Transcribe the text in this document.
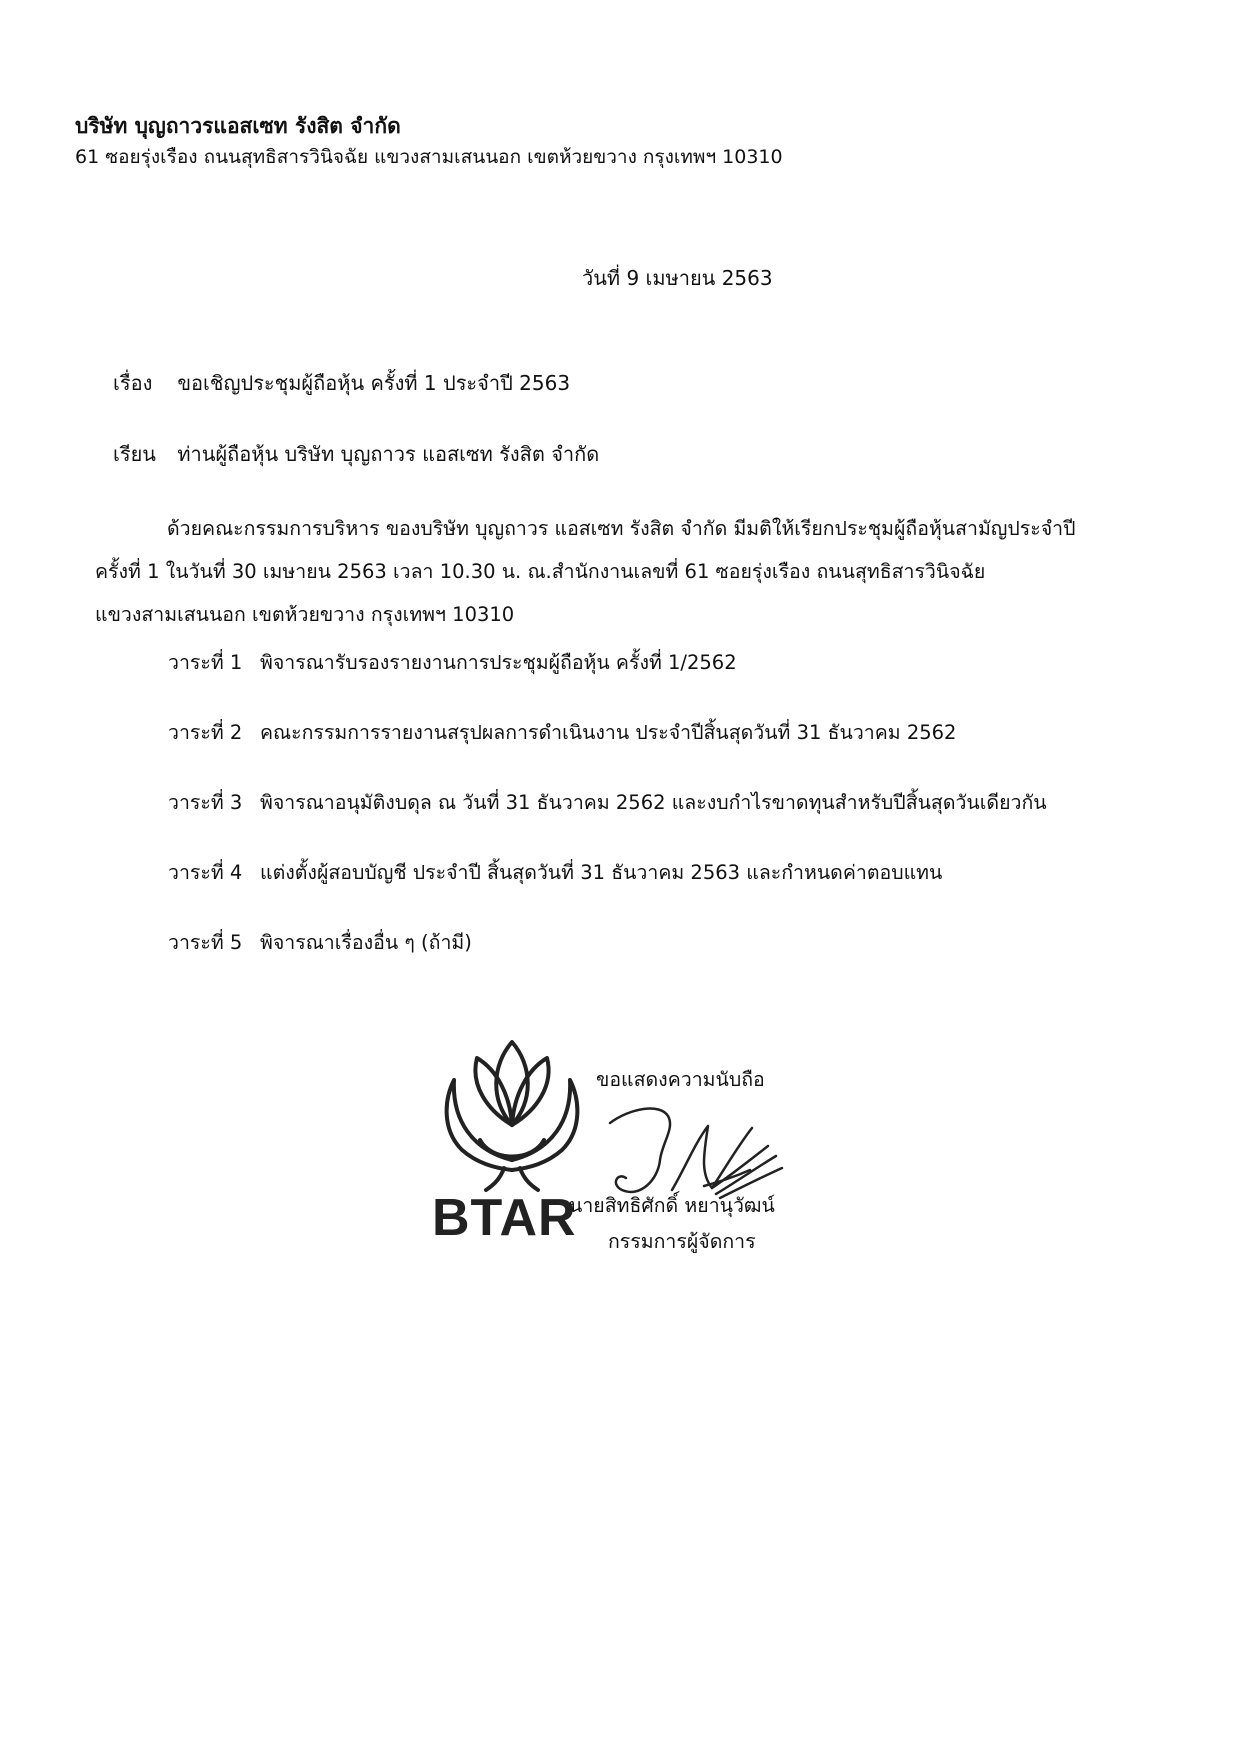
บริษัท บุญถาวรแอสเซท รังสิต จำกัด
61 ซอยรุ่งเรือง ถนนสุทธิสารวินิจฉัย แขวงสามเสนนอก เขตห้วยขวาง กรุงเทพฯ 10310
วันที่ 9 เมษายน 2563
เรื่อง ขอเชิญประชุมผู้ถือหุ้น ครั้งที่ 1 ประจำปี 2563
เรียน ท่านผู้ถือหุ้น บริษัท บุญถาวร แอสเซท รังสิต จำกัด
ด้วยคณะกรรมการบริหาร ของบริษัท บุญถาวร แอสเซท รังสิต จำกัด มีมติให้เรียกประชุมผู้ถือหุ้นสามัญประจำปี
ครั้งที่ 1 ในวันที่ 30 เมษายน 2563 เวลา 10.30 น. ณ.สำนักงานเลขที่ 61 ซอยรุ่งเรือง ถนนสุทธิสารวินิจฉัย
แขวงสามเสนนอก เขตห้วยขวาง กรุงเทพฯ 10310
วาระที่ 1 พิจารณารับรองรายงานการประชุมผู้ถือหุ้น ครั้งที่ 1/2562
วาระที่ 2 คณะกรรมการรายงานสรุปผลการดำเนินงาน ประจำปีสิ้นสุดวันที่ 31 ธันวาคม 2562
วาระที่ 3 พิจารณาอนุมัติงบดุล ณ วันที่ 31 ธันวาคม 2562 และงบกำไรขาดทุนสำหรับปีสิ้นสุดวันเดียวกัน
วาระที่ 4 แต่งตั้งผู้สอบบัญชี ประจำปี สิ้นสุดวันที่ 31 ธันวาคม 2563 และกำหนดค่าตอบแทน
วาระที่ 5 พิจารณาเรื่องอื่น ๆ (ถ้ามี)
BTAR
ขอแสดงความนับถือ
นายสิทธิศักดิ์ หยานุวัฒน์
กรรมการผู้จัดการ
